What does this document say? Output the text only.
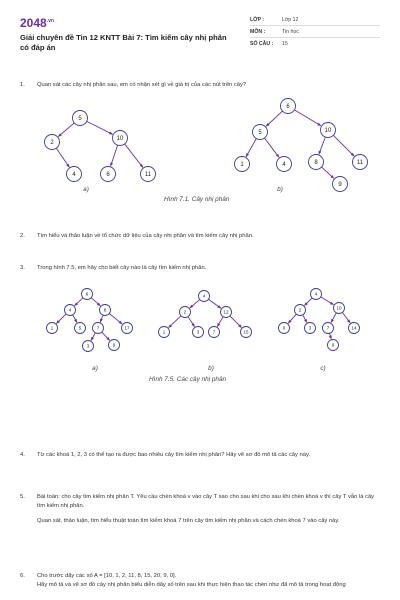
$2048^{.vn}$
Giải chuyên đề Tin 12 KNTT Bài 7: Tìm kiếm cây nhị phân có đáp án
LỚP :	Lớp 12
MÔN :	Tin học
SỐ CÂU :	15
1.	Quan sát các cây nhị phân sau, em có nhận xét gì về giá trị của các nút trên cây?

5
2
10
4	6	11
6
5	10
1	4	8	11
9
a)	b)
Hình 7.1. Cây nhị phân
2.	Tìm hiểu và thảo luận về tổ chức dữ liệu của cây nhị phân và tìm kiếm cây nhị phân.

3.	Trong hình 7.5, em hãy cho biết cây nào là cây tìm kiếm nhị phân.

6
4	8
1	5	7	17
3	9
4
2	12
1	3	7	15
4
2	10
0	3	7	14
9
a)	b)	c)
Hình 7.5. Các cây nhị phân
4.	Từ các khoá 1, 2, 3 có thể tạo ra được bao nhiêu cây tìm kiếm nhị phân? Hãy vẽ sơ đồ mô tả các cây này.

5.	Bài toán: cho cây tìm kiếm nhị phân T. Yêu cầu chèn khoá v vào cây T sao cho sau khi cho sau khi chèn khoá v thì cây T vẫn là cây tìm kiếm nhị phân.

Quan sát, thảo luận, tìm hiểu thuật toán tìm kiếm khoá 7 trên cây tìm kiếm nhị phân và cách chèn khoá 7 vào cây này.

6.	Cho trước dãy các số A = [10, 1, 2, 11, 8, 15, 20, 9, 0].

Hãy mô tả và vẽ sơ đồ cây nhị phân biểu diễn dãy số trên sau khi thực hiện thao tác chèn như đã mô tả trong hoạt động
